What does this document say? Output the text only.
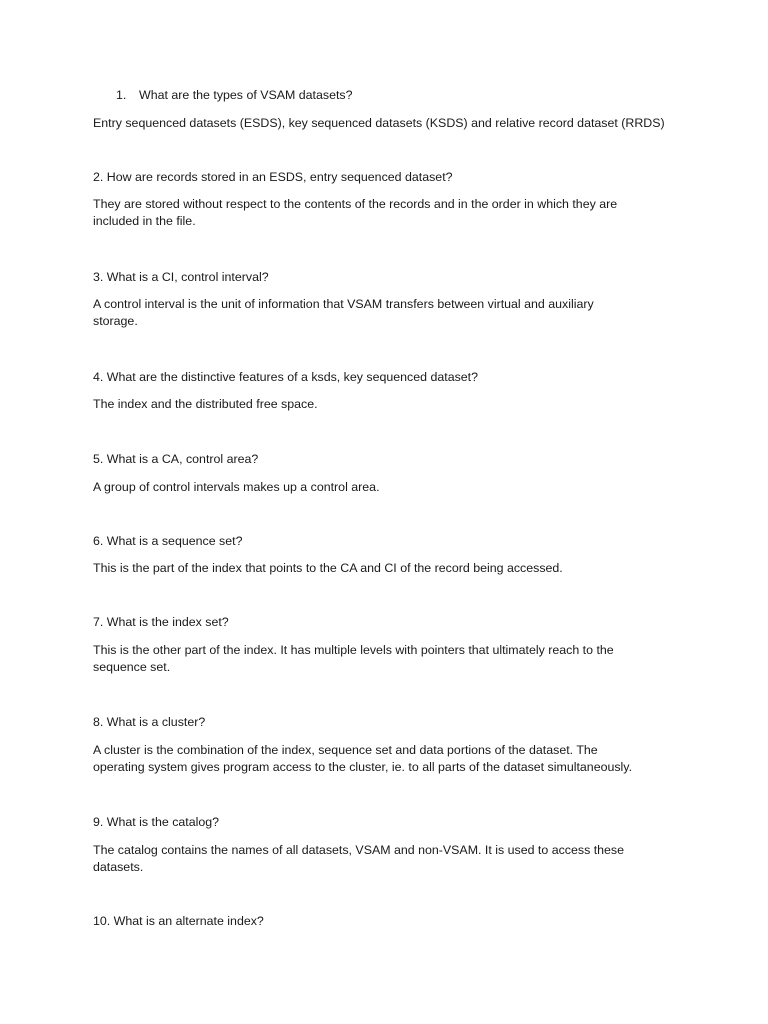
1. What are the types of VSAM datasets?
Entry sequenced datasets (ESDS), key sequenced datasets (KSDS) and relative record dataset (RRDS)
2. How are records stored in an ESDS, entry sequenced dataset?
They are stored without respect to the contents of the records and in the order in which they are
included in the file.
3. What is a CI, control interval?
A control interval is the unit of information that VSAM transfers between virtual and auxiliary
storage.
4. What are the distinctive features of a ksds, key sequenced dataset?
The index and the distributed free space.
5. What is a CA, control area?
A group of control intervals makes up a control area.
6. What is a sequence set?
This is the part of the index that points to the CA and CI of the record being accessed.
7. What is the index set?
This is the other part of the index. It has multiple levels with pointers that ultimately reach to the
sequence set.
8. What is a cluster?
A cluster is the combination of the index, sequence set and data portions of the dataset. The
operating system gives program access to the cluster, ie. to all parts of the dataset simultaneously.
9. What is the catalog?
The catalog contains the names of all datasets, VSAM and non-VSAM. It is used to access these
datasets.
10. What is an alternate index?
